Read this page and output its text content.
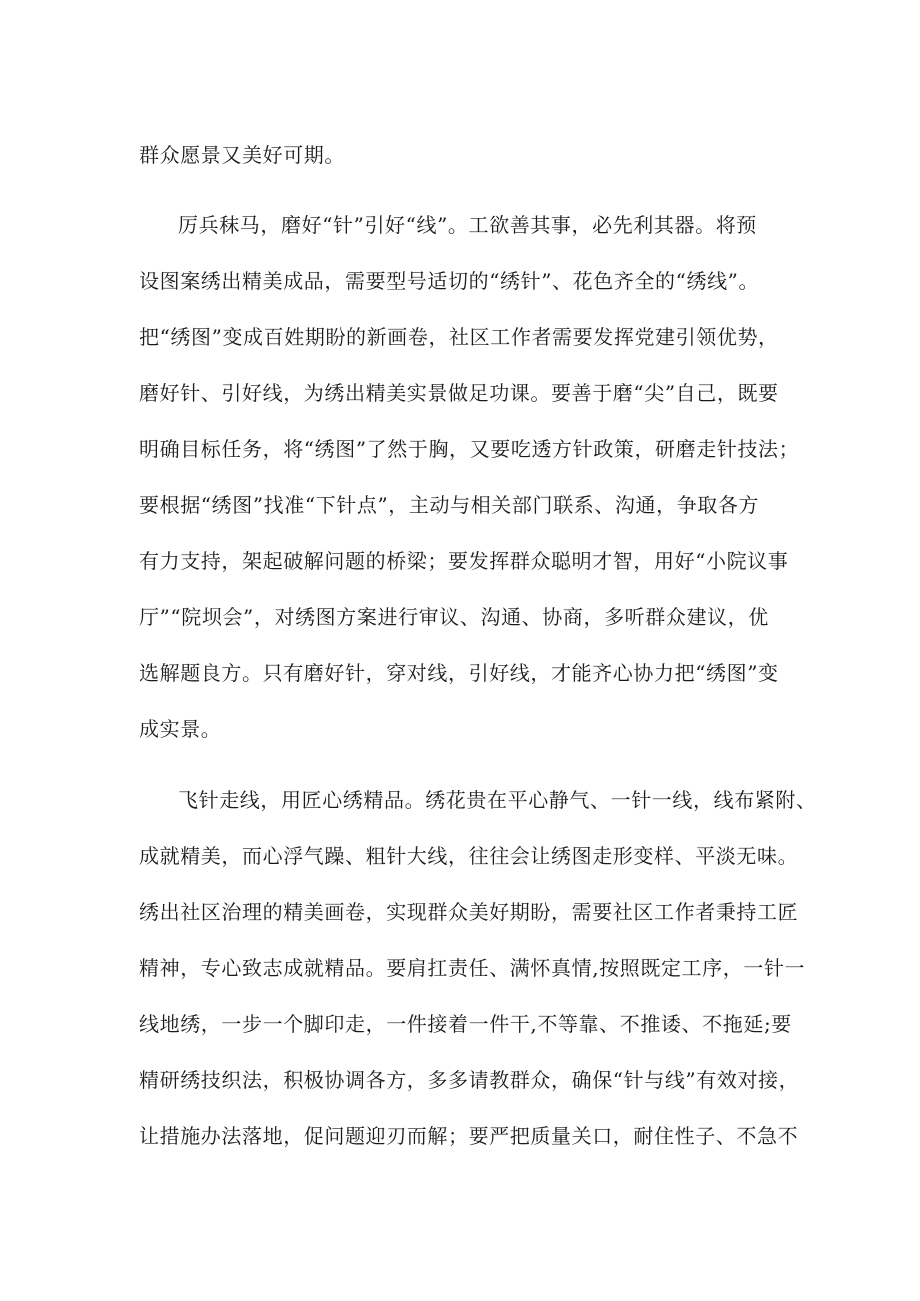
群众愿景又美好可期。
厉兵秣马，磨好“针”引好“线”。工欲善其事，必先利其器。将预
设图案绣出精美成品，需要型号适切的“绣针”、花色齐全的“绣线”。
把“绣图”变成百姓期盼的新画卷，社区工作者需要发挥党建引领优势，
磨好针、引好线，为绣出精美实景做足功课。要善于磨“尖”自己，既要
明确目标任务，将“绣图”了然于胸，又要吃透方针政策，研磨走针技法；
要根据“绣图”找准“下针点”，主动与相关部门联系、沟通，争取各方
有力支持，架起破解问题的桥梁；要发挥群众聪明才智，用好“小院议事
厅”“院坝会”，对绣图方案进行审议、沟通、协商，多听群众建议，优
选解题良方。只有磨好针，穿对线，引好线，才能齐心协力把“绣图”变
成实景。
飞针走线，用匠心绣精品。绣花贵在平心静气、一针一线，线布紧附、
成就精美，而心浮气躁、粗针大线，往往会让绣图走形变样、平淡无味。
绣出社区治理的精美画卷，实现群众美好期盼，需要社区工作者秉持工匠
精神，专心致志成就精品。要肩扛责任、满怀真情,按照既定工序，一针一
线地绣，一步一个脚印走，一件接着一件干,不等靠、不推诿、不拖延;要
精研绣技织法，积极协调各方，多多请教群众，确保“针与线”有效对接，
让措施办法落地，促问题迎刃而解；要严把质量关口，耐住性子、不急不
